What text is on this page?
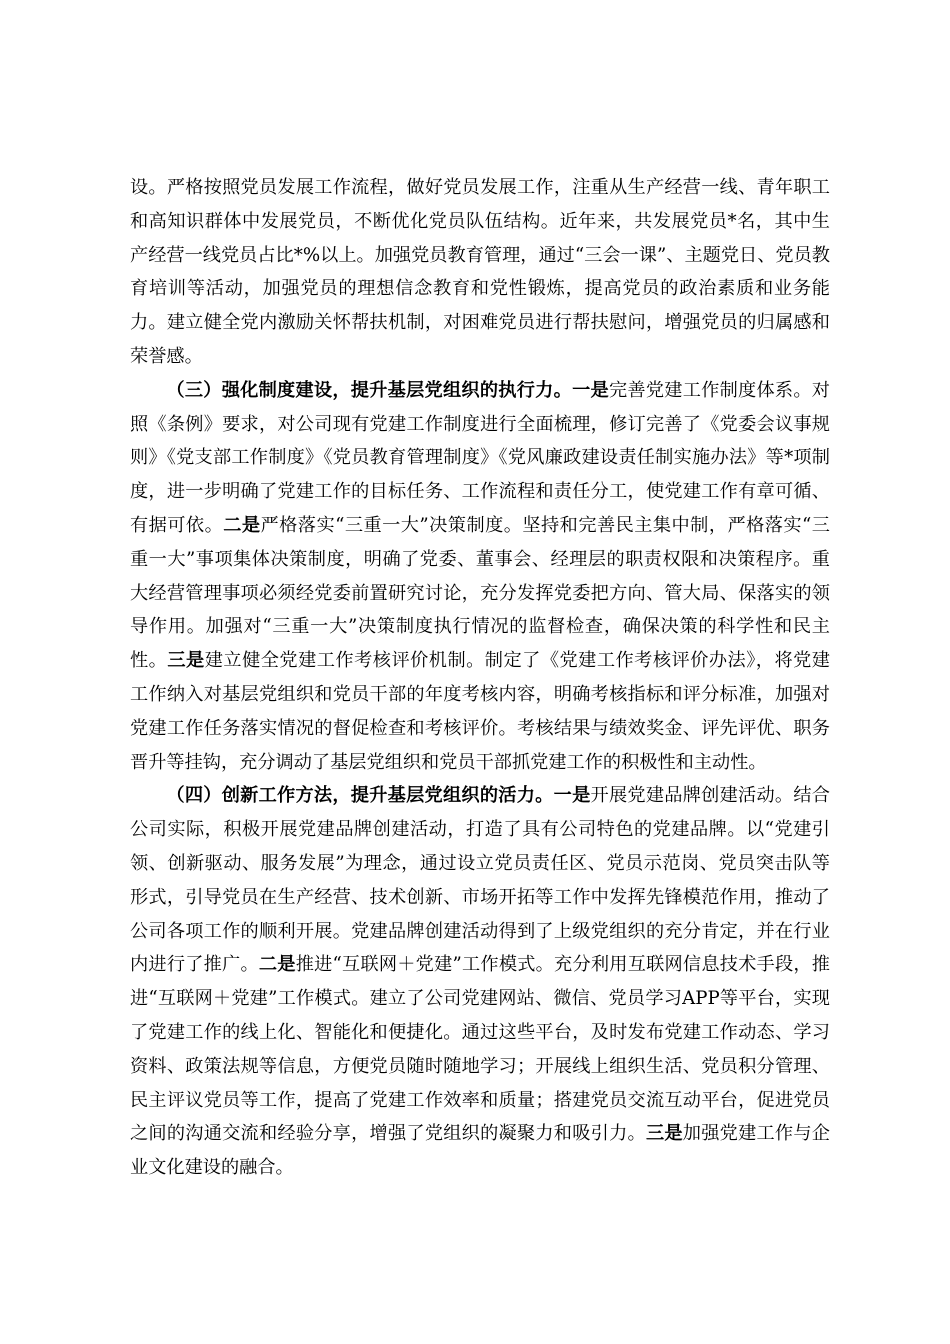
设。严格按照党员发展工作流程，做好党员发展工作，注重从生产经营一线、青年职工和高知识群体中发展党员，不断优化党员队伍结构。近年来，共发展党员*名，其中生产经营一线党员占比*%以上。加强党员教育管理，通过“三会一课”、主题党日、党员教育培训等活动，加强党员的理想信念教育和党性锻炼，提高党员的政治素质和业务能力。建立健全党内激励关怀帮扶机制，对困难党员进行帮扶慰问，增强党员的归属感和荣誉感。

（三）强化制度建设，提升基层党组织的执行力。一是完善党建工作制度体系。对照《条例》要求，对公司现有党建工作制度进行全面梳理，修订完善了《党委会议事规则》《党支部工作制度》《党员教育管理制度》《党风廉政建设责任制实施办法》等*项制度，进一步明确了党建工作的目标任务、工作流程和责任分工，使党建工作有章可循、有据可依。二是严格落实“三重一大”决策制度。坚持和完善民主集中制，严格落实“三重一大”事项集体决策制度，明确了党委、董事会、经理层的职责权限和决策程序。重大经营管理事项必须经党委前置研究讨论，充分发挥党委把方向、管大局、保落实的领导作用。加强对“三重一大”决策制度执行情况的监督检查，确保决策的科学性和民主性。三是建立健全党建工作考核评价机制。制定了《党建工作考核评价办法》，将党建工作纳入对基层党组织和党员干部的年度考核内容，明确考核指标和评分标准，加强对党建工作任务落实情况的督促检查和考核评价。考核结果与绩效奖金、评先评优、职务晋升等挂钩，充分调动了基层党组织和党员干部抓党建工作的积极性和主动性。

（四）创新工作方法，提升基层党组织的活力。一是开展党建品牌创建活动。结合公司实际，积极开展党建品牌创建活动，打造了具有公司特色的党建品牌。以“党建引领、创新驱动、服务发展”为理念，通过设立党员责任区、党员示范岗、党员突击队等形式，引导党员在生产经营、技术创新、市场开拓等工作中发挥先锋模范作用，推动了公司各项工作的顺利开展。党建品牌创建活动得到了上级党组织的充分肯定，并在行业内进行了推广。二是推进“互联网＋党建”工作模式。充分利用互联网信息技术手段，推进“互联网＋党建”工作模式。建立了公司党建网站、微信、党员学习APP等平台，实现了党建工作的线上化、智能化和便捷化。通过这些平台，及时发布党建工作动态、学习资料、政策法规等信息，方便党员随时随地学习；开展线上组织生活、党员积分管理、民主评议党员等工作，提高了党建工作效率和质量；搭建党员交流互动平台，促进党员之间的沟通交流和经验分享，增强了党组织的凝聚力和吸引力。三是加强党建工作与企业文化建设的融合。
